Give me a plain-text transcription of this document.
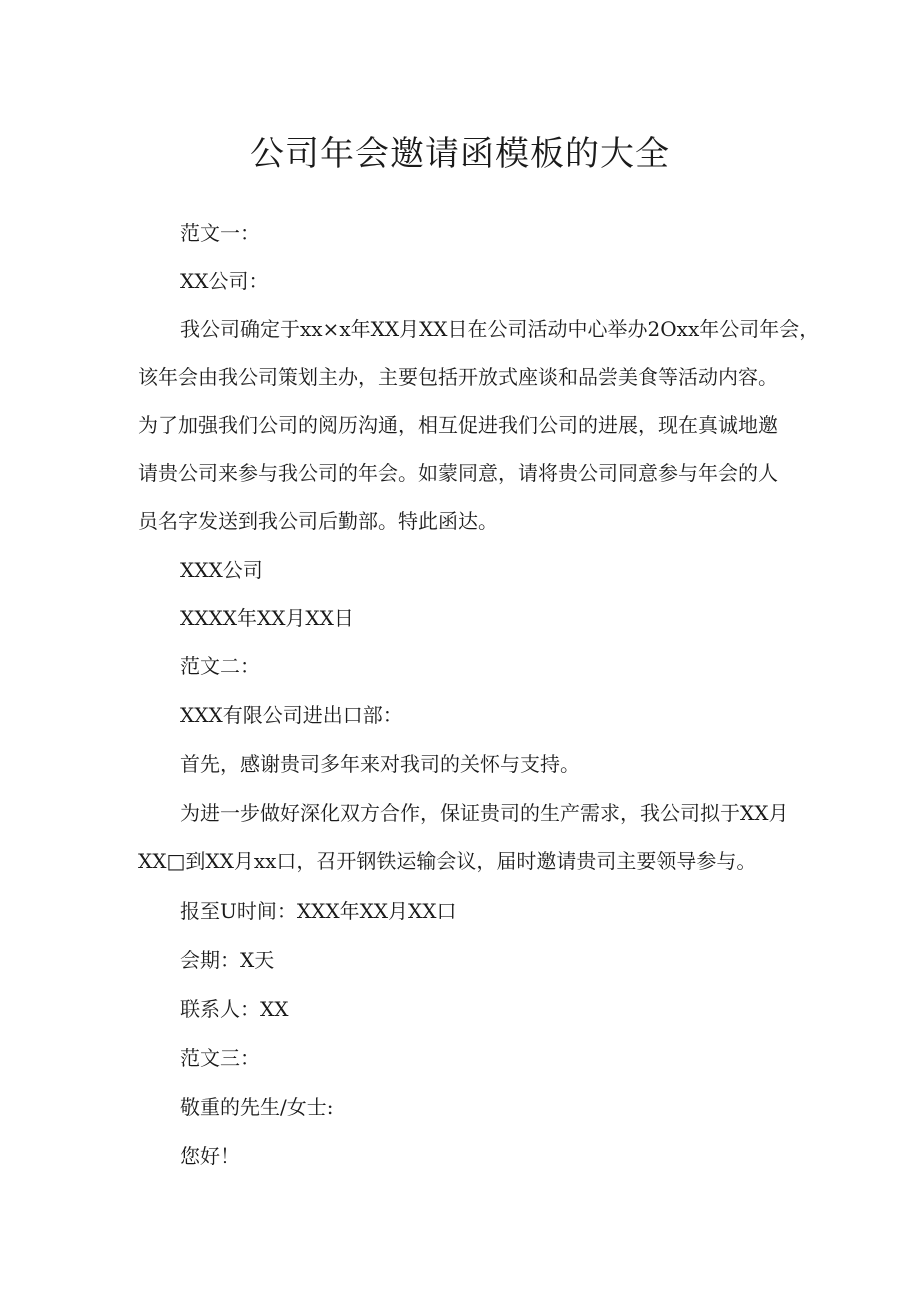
公司年会邀请函模板的大全
范文一：
XX公司：
我公司确定于xx×x年XX月XX日在公司活动中心举办2Oxx年公司年会，
该年会由我公司策划主办，主要包括开放式座谈和品尝美食等活动内容。
为了加强我们公司的阅历沟通，相互促进我们公司的进展，现在真诚地邀
请贵公司来参与我公司的年会。如蒙同意，请将贵公司同意参与年会的人
员名字发送到我公司后勤部。特此函达。
XXX公司
XXXX年XX月XX日
范文二：
XXX有限公司进出口部：
首先，感谢贵司多年来对我司的关怀与支持。
为进一步做好深化双方合作，保证贵司的生产需求，我公司拟于XX月
XX□到XX月xx口，召开钢铁运输会议，届时邀请贵司主要领导参与。
报至U时间：XXX年XX月XX口
会期：X天
联系人：XX
范文三：
敬重的先生/女士:
您好！
